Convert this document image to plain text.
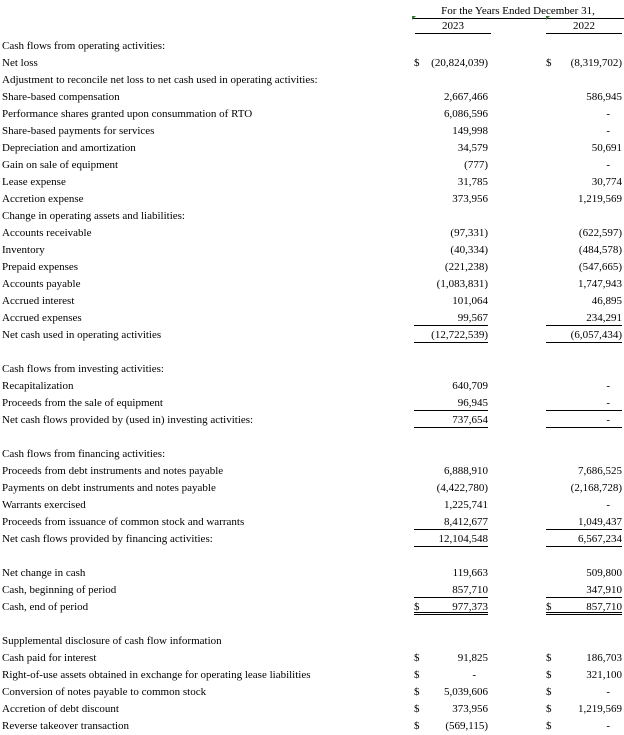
For the Years Ended December 31,
2023	2022
Cash flows from operating activities:
Net loss	$ (20,824,039)	$ (8,319,702)
Adjustment to reconcile net loss to net cash used in operating activities:
Share-based compensation	2,667,466	586,945
Performance shares granted upon consummation of RTO	6,086,596	-
Share-based payments for services	149,998	-
Depreciation and amortization	34,579	50,691
Gain on sale of equipment	(777)	-
Lease expense	31,785	30,774
Accretion expense	373,956	1,219,569
Change in operating assets and liabilities:
Accounts receivable	(97,331)	(622,597)
Inventory	(40,334)	(484,578)
Prepaid expenses	(221,238)	(547,665)
Accounts payable	(1,083,831)	1,747,943
Accrued interest	101,064	46,895
Accrued expenses	99,567	234,291
Net cash used in operating activities	(12,722,539)	(6,057,434)
Cash flows from investing activities:
Recapitalization	640,709	-
Proceeds from the sale of equipment	96,945	-
Net cash flows provided by (used in) investing activities:	737,654	-
Cash flows from financing activities:
Proceeds from debt instruments and notes payable	6,888,910	7,686,525
Payments on debt instruments and notes payable	(4,422,780)	(2,168,728)
Warrants exercised	1,225,741	-
Proceeds from issuance of common stock and warrants	8,412,677	1,049,437
Net cash flows provided by financing activities:	12,104,548	6,567,234
Net change in cash	119,663	509,800
Cash, beginning of period	857,710	347,910
Cash, end of period	$	977,373	$	857,710
Supplemental disclosure of cash flow information
Cash paid for interest	$	91,825	$	186,703
Right-of-use assets obtained in exchange for operating lease liabilities	$	-	$	321,100
Conversion of notes payable to common stock	$ 5,039,606	$	-
Accretion of debt discount	$	373,956	$ 1,219,569
Reverse takeover transaction	$ (569,115)	$	-
